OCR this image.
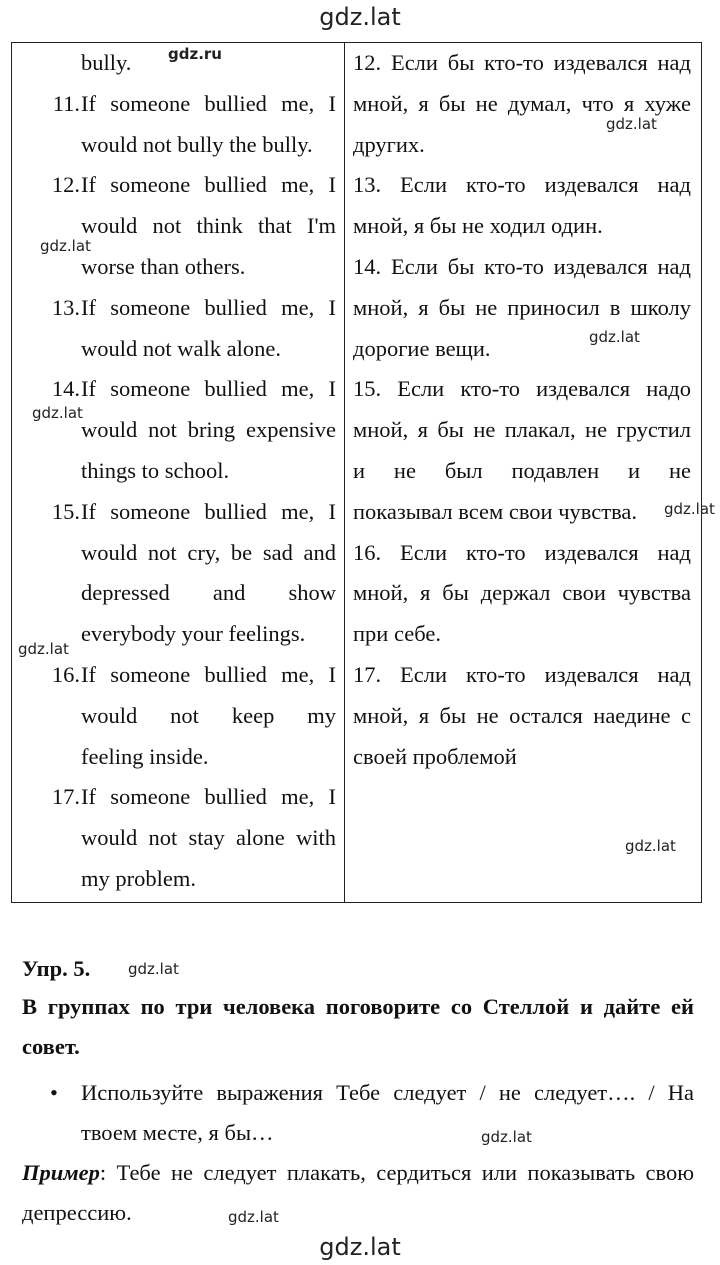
gdz.lat
bully.
11. If someone bullied me, I
would not bully the bully.
12. If someone bullied me, I
would not think that I'm
worse than others.
13. If someone bullied me, I
would not walk alone.
14. If someone bullied me, I
would not bring expensive
things to school.
15. If someone bullied me, I
would not cry, be sad and
depressed and show
everybody your feelings.
16. If someone bullied me, I
would not keep my
feeling inside.
17. If someone bullied me, I
would not stay alone with
my problem.
12. Если бы кто-то издевался над
мной, я бы не думал, что я хуже
других.
13. Если кто-то издевался над
мной, я бы не ходил один.
14. Если бы кто-то издевался над
мной, я бы не приносил в школу
дорогие вещи.
15. Если кто-то издевался надо
мной, я бы не плакал, не грустил
и не был подавлен и не
показывал всем свои чувства.
16. Если кто-то издевался над
мной, я бы держал свои чувства
при себе.
17. Если кто-то издевался над
мной, я бы не остался наедине с
своей проблемой
gdz.ru
gdz.lat
gdz.lat
gdz.lat
gdz.lat
gdz.lat
gdz.lat
gdz.lat
gdz.lat
gdz.lat
gdz.lat
Упр. 5.
В группах по три человека поговорите со Стеллой и дайте ей совет.
• Используйте выражения Тебе следует / не следует…. / На твоем месте, я бы…
Пример: Тебе не следует плакать, сердиться или показывать свою депрессию.
gdz.lat
